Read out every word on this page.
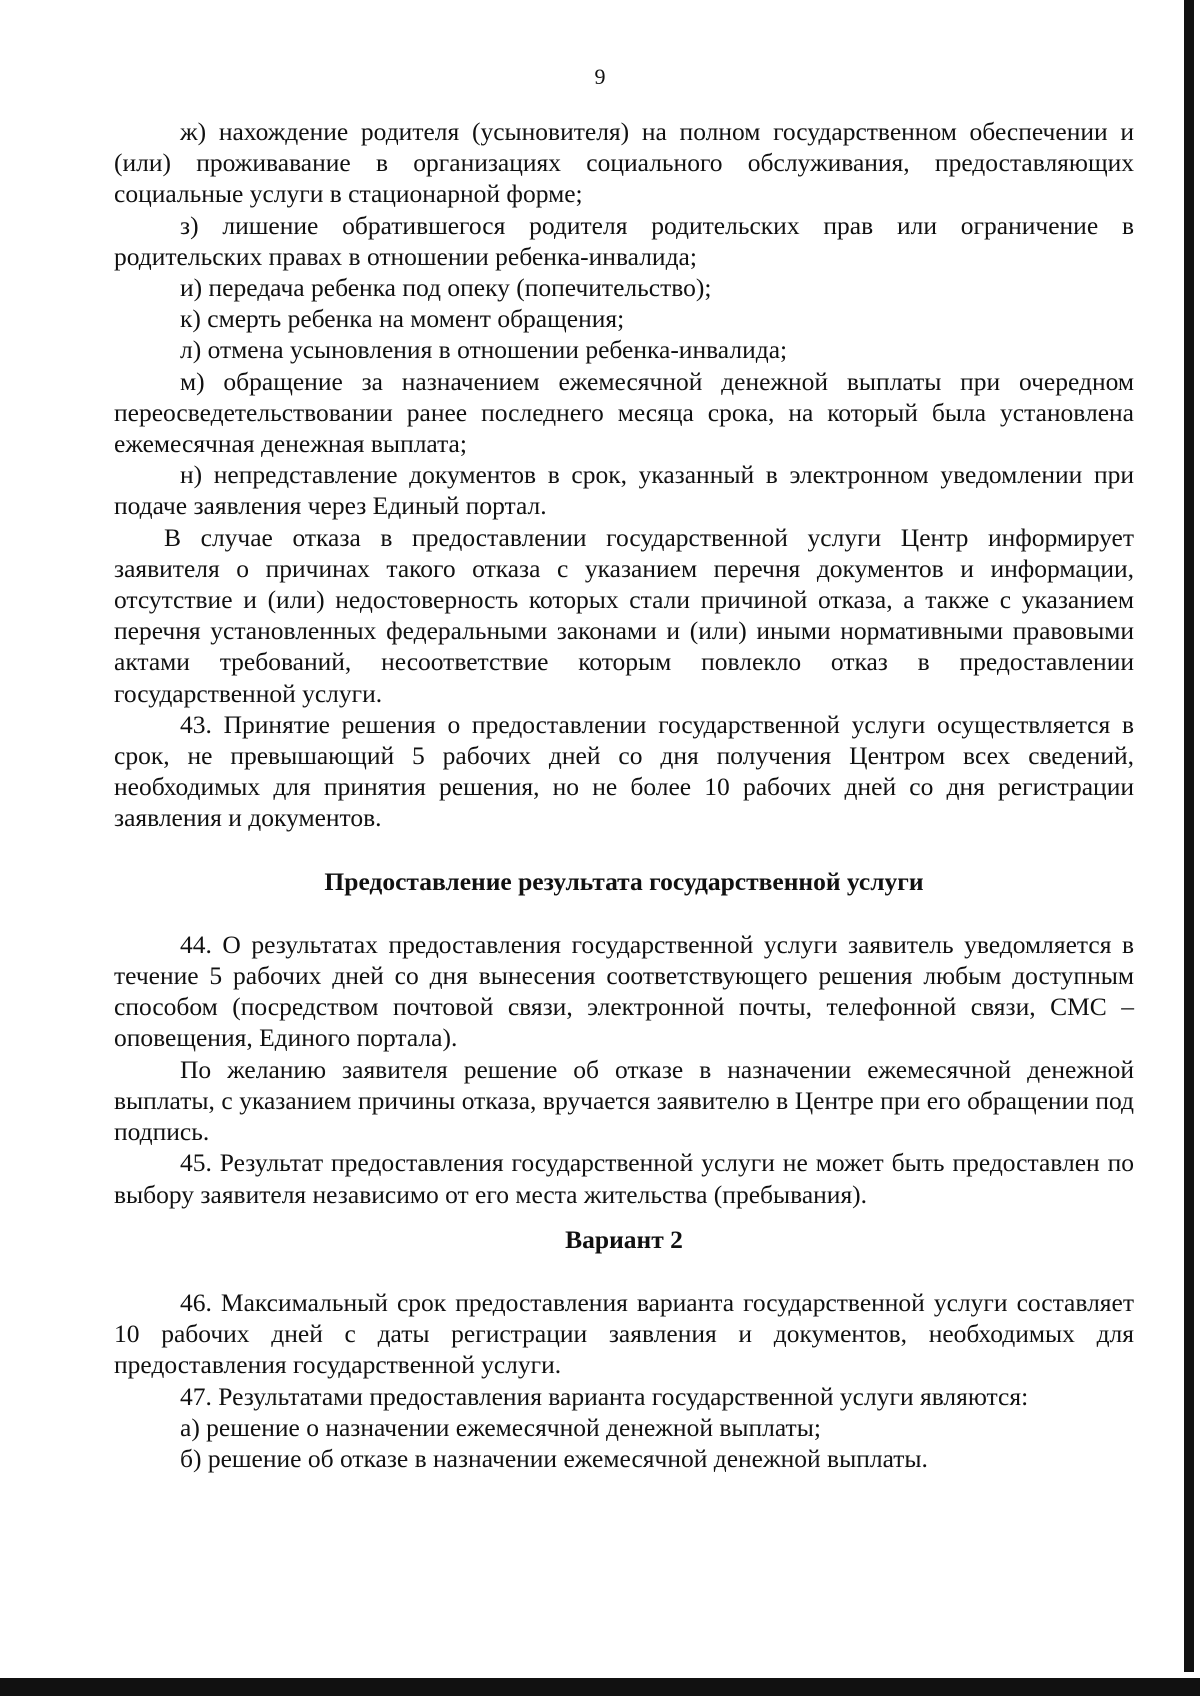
9

ж) нахождение родителя (усыновителя) на полном государственном обеспечении и (или) проживавание в организациях социального обслуживания, предоставляющих социальные услуги в стационарной форме;

з) лишение обратившегося родителя родительских прав или ограничение в родительских правах в отношении ребенка-инвалида;

и) передача ребенка под опеку (попечительство);

к) смерть ребенка на момент обращения;

л) отмена усыновления в отношении ребенка-инвалида;

м) обращение за назначением ежемесячной денежной выплаты при очередном переосведетельствовании ранее последнего месяца срока, на который была установлена ежемесячная денежная выплата;

н) непредставление документов в срок, указанный в электронном уведомлении при подаче заявления через Единый портал.

В случае отказа в предоставлении государственной услуги Центр информирует заявителя о причинах такого отказа с указанием перечня документов и информации, отсутствие и (или) недостоверность которых стали причиной отказа, а также с указанием перечня установленных федеральными законами и (или) иными нормативными правовыми актами требований, несоответствие которым повлекло отказ в предоставлении государственной услуги.

43. Принятие решения о предоставлении государственной услуги осуществляется в срок, не превышающий 5 рабочих дней со дня получения Центром всех сведений, необходимых для принятия решения, но не более 10 рабочих дней со дня регистрации заявления и документов.

Предоставление результата государственной услуги

44. О результатах предоставления государственной услуги заявитель уведомляется в течение 5 рабочих дней со дня вынесения соответствующего решения любым доступным способом (посредством почтовой связи, электронной почты, телефонной связи, СМС – оповещения, Единого портала).

По желанию заявителя решение об отказе в назначении ежемесячной денежной выплаты, с указанием причины отказа, вручается заявителю в Центре при его обращении под подпись.

45. Результат предоставления государственной услуги не может быть предоставлен по выбору заявителя независимо от его места жительства (пребывания).

Вариант 2

46. Максимальный срок предоставления варианта государственной услуги составляет 10 рабочих дней с даты регистрации заявления и документов, необходимых для предоставления государственной услуги.

47. Результатами предоставления варианта государственной услуги являются:

а) решение о назначении ежемесячной денежной выплаты;

б) решение об отказе в назначении ежемесячной денежной выплаты.
